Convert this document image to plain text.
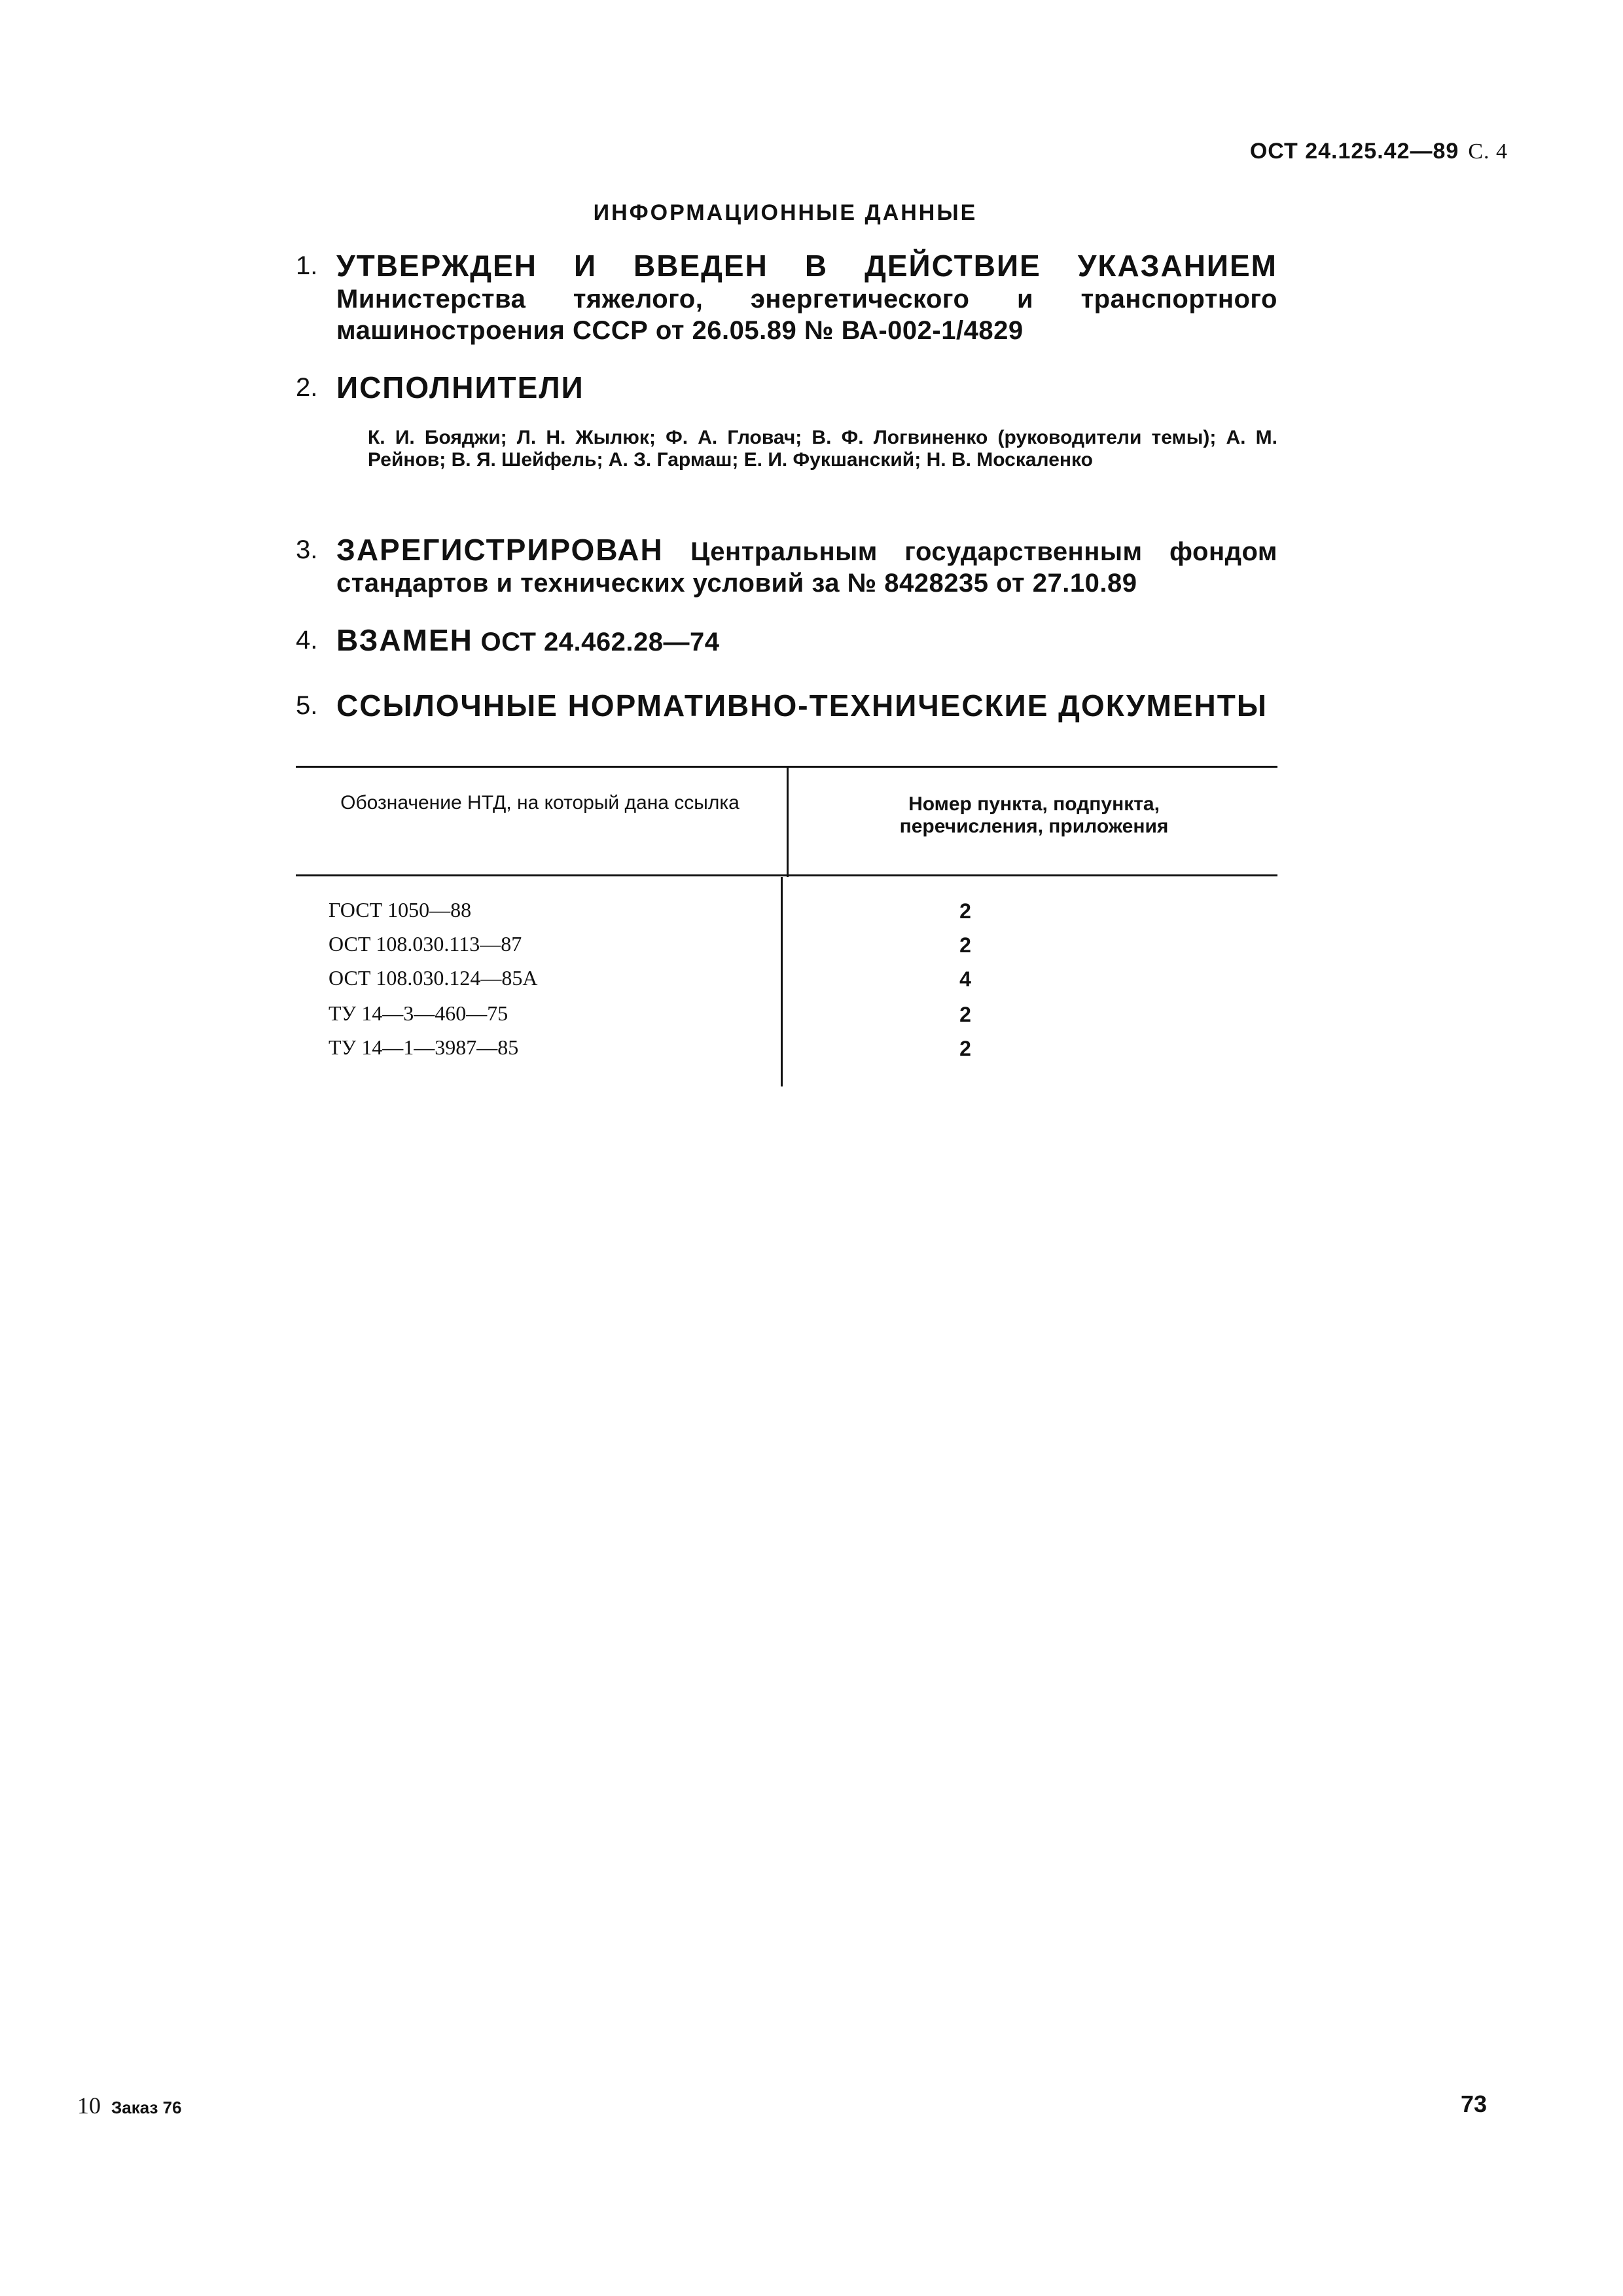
ОСТ 24.125.42—89 С. 4
ИНФОРМАЦИОННЫЕ ДАННЫЕ
1. УТВЕРЖДЕН И ВВЕДЕН В ДЕЙСТВИЕ УКАЗАНИЕМ Министерства тяжелого, энергетического и транспортного машиностроения СССР от 26.05.89 № ВА-002-1/4829
2. ИСПОЛНИТЕЛИ
К. И. Бояджи; Л. Н. Жылюк; Ф. А. Гловач; В. Ф. Логвиненко (руководители темы); А. М. Рейнов; В. Я. Шейфель; А. З. Гармаш; Е. И. Фукшанский; Н. В. Москаленко
3. ЗАРЕГИСТРИРОВАН Центральным государственным фондом стандартов и технических условий за № 8428235 от 27.10.89
4. ВЗАМЕН ОСТ 24.462.28—74
5. ССЫЛОЧНЫЕ НОРМАТИВНО-ТЕХНИЧЕСКИЕ ДОКУМЕНТЫ
Обозначение НТД, на который дана ссылка	Номер пункта, подпункта, перечисления, приложения
ГОСТ 1050—88	2
ОСТ 108.030.113—87	2
ОСТ 108.030.124—85А	4
ТУ 14—3—460—75	2
ТУ 14—1—3987—85	2
10 Заказ 76	73
